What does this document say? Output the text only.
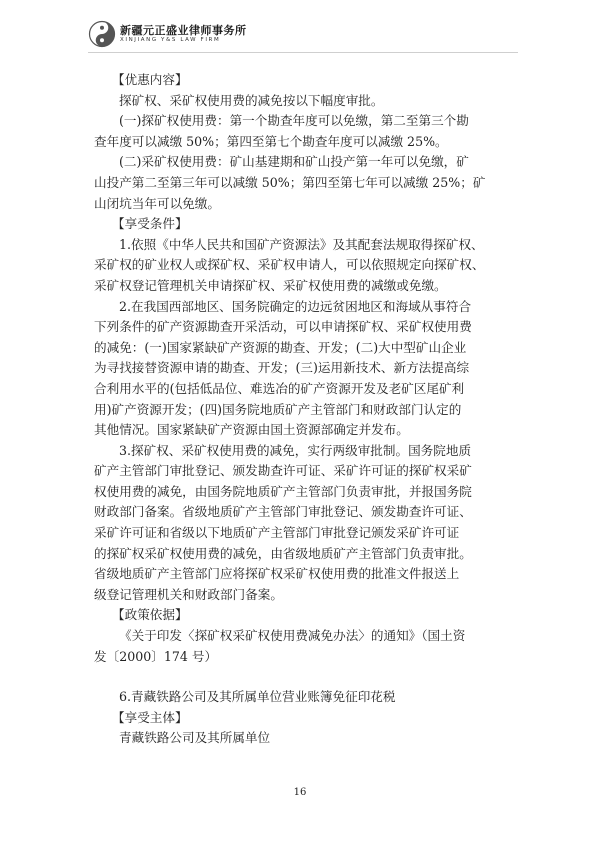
新疆元正盛业律师事务所
XINJIANG Y&S LAW FIRM
【优惠内容】
探矿权、采矿权使用费的减免按以下幅度审批。
(一)探矿权使用费：第一个勘查年度可以免缴，第二至第三个勘
查年度可以减缴 50%；第四至第七个勘查年度可以减缴 25%。
(二)采矿权使用费：矿山基建期和矿山投产第一年可以免缴，矿
山投产第二至第三年可以减缴 50%；第四至第七年可以减缴 25%；矿
山闭坑当年可以免缴。
【享受条件】
1.依照《中华人民共和国矿产资源法》及其配套法规取得探矿权、
采矿权的矿业权人或探矿权、采矿权申请人，可以依照规定向探矿权、
采矿权登记管理机关申请探矿权、采矿权使用费的减缴或免缴。
2.在我国西部地区、国务院确定的边远贫困地区和海域从事符合
下列条件的矿产资源勘查开采活动，可以申请探矿权、采矿权使用费
的减免：(一)国家紧缺矿产资源的勘查、开发；(二)大中型矿山企业
为寻找接替资源申请的勘查、开发；(三)运用新技术、新方法提高综
合利用水平的(包括低品位、难选冶的矿产资源开发及老矿区尾矿利
用)矿产资源开发；(四)国务院地质矿产主管部门和财政部门认定的
其他情况。国家紧缺矿产资源由国土资源部确定并发布。
3.探矿权、采矿权使用费的减免，实行两级审批制。国务院地质
矿产主管部门审批登记、颁发勘查许可证、采矿许可证的探矿权采矿
权使用费的减免，由国务院地质矿产主管部门负责审批，并报国务院
财政部门备案。省级地质矿产主管部门审批登记、颁发勘查许可证、
采矿许可证和省级以下地质矿产主管部门审批登记颁发采矿许可证
的探矿权采矿权使用费的减免，由省级地质矿产主管部门负责审批。
省级地质矿产主管部门应将探矿权采矿权使用费的批准文件报送上
级登记管理机关和财政部门备案。
【政策依据】
《关于印发〈探矿权采矿权使用费减免办法〉的通知》（国土资
发〔2000〕174 号）
6.青藏铁路公司及其所属单位营业账簿免征印花税
【享受主体】
青藏铁路公司及其所属单位
16
